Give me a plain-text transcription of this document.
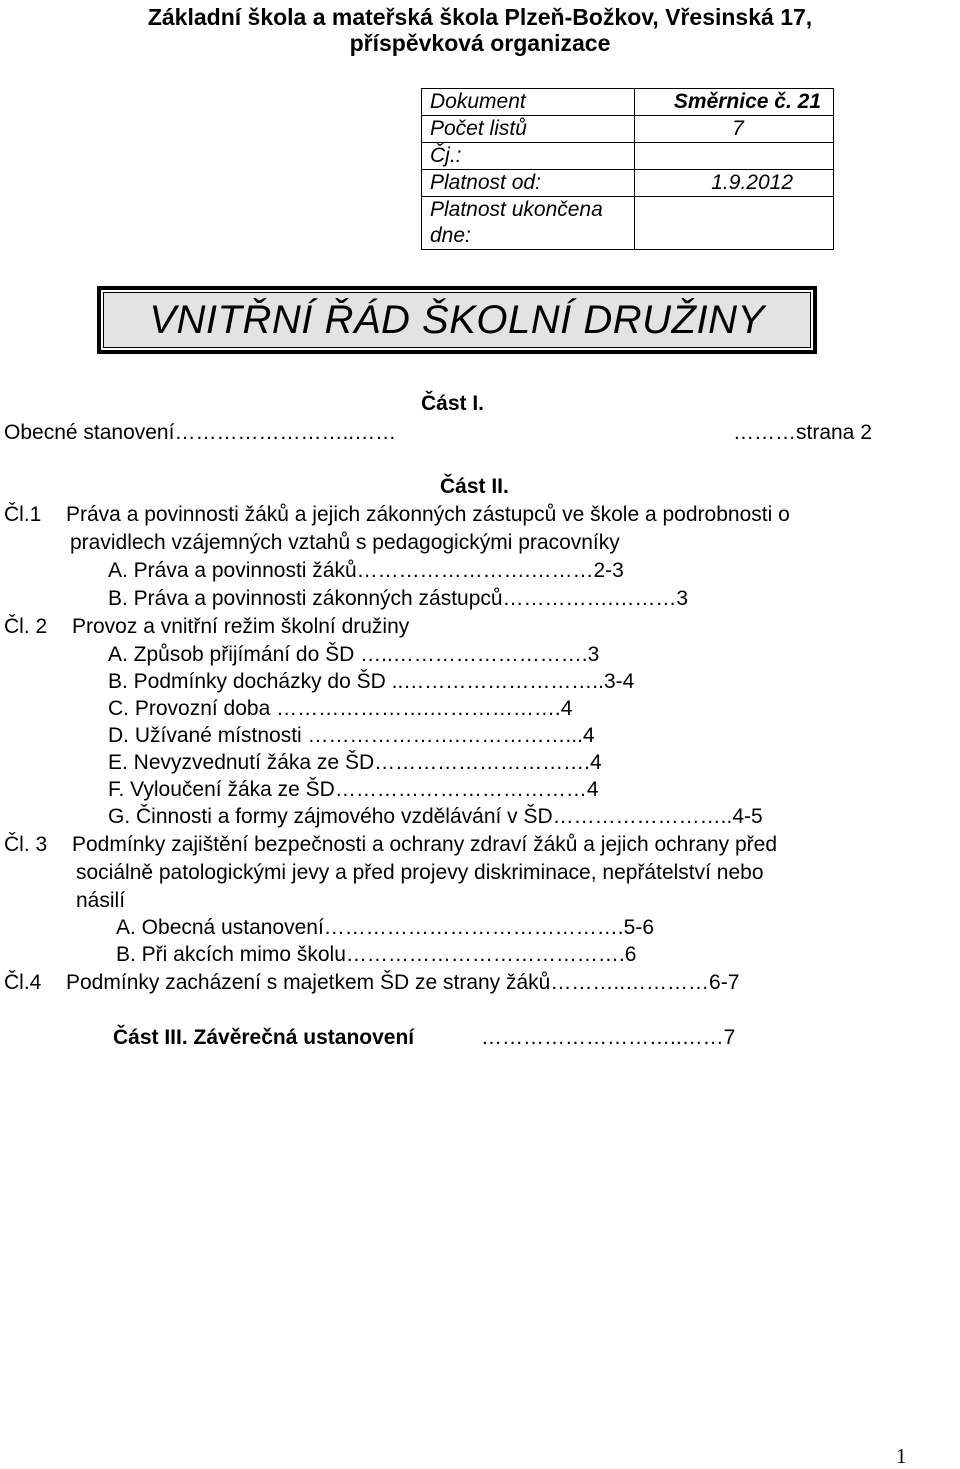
Základní škola a mateřská škola Plzeň-Božkov, Vřesinská 17,
příspěvková organizace
Dokument	Směrnice č. 21
Počet listů	7
Čj.:	
Platnost od:	1.9.2012
Platnost ukončena dne:	
VNITŘNÍ ŘÁD ŠKOLNÍ DRUŽINY
Část I.
Obecné stanovení……………………..……	………strana 2
Část II.
Čl.1 Práva a povinnosti žáků a jejich zákonných zástupců ve škole a podrobnosti o
pravidlech vzájemných vztahů s pedagogickými pracovníky
A. Práva a povinnosti žáků…………………….………2-3
B. Práva a povinnosti zákonných zástupců…………….………3
Čl. 2 Provoz a vnitřní režim školní družiny
A. Způsob přijímání do ŠD …..……………………….3
B. Podmínky docházky do ŠD ..………………………..3-4
C. Provozní doba ………………….……………….4
D. Užívané místnosti ………………….……………...4
E. Nevyzvednutí žáka ze ŠD………………………….4
F. Vyloučení žáka ze ŠD………………………………4
G. Činnosti a formy zájmového vzdělávání v ŠD……………………..4-5
Čl. 3 Podmínky zajištění bezpečnosti a ochrany zdraví žáků a jejich ochrany před
sociálně patologickými jevy a před projevy diskriminace, nepřátelství nebo
násilí
A. Obecná ustanovení…………………………………….5-6
B. Při akcích mimo školu………………………………….6
Čl.4 Podmínky zacházení s majetkem ŠD ze strany žáků………..…………6-7
Část III. Závěrečná ustanovení	………………………..……7
1
